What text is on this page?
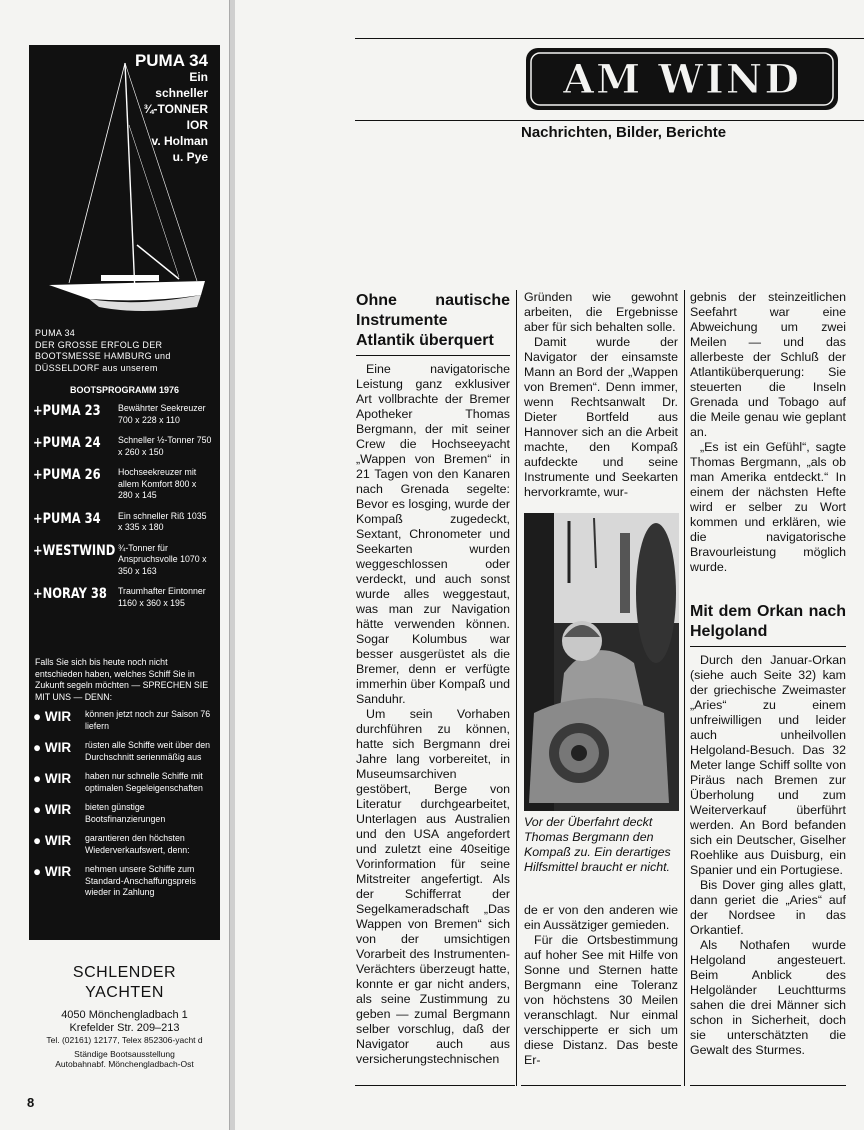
PUMA 34
Ein
schneller
¾-TONNER
IOR
v. Holman
u. Pye
PUMA 34
DER GROSSE ERFOLG DER BOOTSMESSE HAMBURG und DÜSSELDORF aus unserem
BOOTSPROGRAMM 1976
+PUMA 23 Bewährter Seekreuzer 700 x 228 x 110
+PUMA 24 Schneller ½-Tonner 750 x 260 x 150
+PUMA 26 Hochseekreuzer mit allem Komfort 800 x 280 x 145
+PUMA 34 Ein schneller Riß 1035 x 335 x 180
+WESTWIND ¾-Tonner für Anspruchsvolle 1070 x 350 x 163
+NORAY 38 Traumhafter Eintonner 1160 x 360 x 195
Falls Sie sich bis heute noch nicht entschieden haben, welches Schiff Sie in Zukunft segeln möchten — SPRECHEN SIE MIT UNS — DENN:
● WIR	können jetzt noch zur Saison 76 liefern
● WIR	rüsten alle Schiffe weit über den Durchschnitt serienmäßig aus
● WIR	haben nur schnelle Schiffe mit optimalen Segeleigenschaften
● WIR	bieten günstige Bootsfinanzierungen
● WIR	garantieren den höchsten Wiederverkaufswert, denn:
● WIR	nehmen unsere Schiffe zum Standard-Anschaffungspreis wieder in Zahlung
SCHLENDER
YACHTEN
4050 Mönchengladbach 1
Krefelder Str. 209–213
Tel. (02161) 12177, Telex 852306-yacht d
Ständige Bootsausstellung
Autobahnabf. Mönchengladbach-Ost
8
AM WIND
Nachrichten, Bilder, Berichte
Ohne nautische Instrumente Atlantik überquert

Eine navigatorische Leistung ganz exklusiver Art vollbrachte der Bremer Apotheker Thomas Bergmann, der mit seiner Crew die Hochseeyacht „Wappen von Bremen“ in 21 Tagen von den Kanaren nach Grenada segelte: Bevor es losging, wurde der Kompaß zugedeckt, Sextant, Chronometer und Seekarten wurden weggeschlossen oder verdeckt, und auch sonst wurde alles weggestaut, was man zur Navigation hätte verwenden können. Sogar Kolumbus war besser ausgerüstet als die Bremer, denn er verfügte immerhin über Kompaß und Sanduhr.

Um sein Vorhaben durchführen zu können, hatte sich Bergmann drei Jahre lang vorbereitet, in Museumsarchiven gestöbert, Berge von Literatur durchgearbeitet, Unterlagen aus Australien und den USA angefordert und zuletzt eine 40seitige Vorinformation für seine Mitstreiter angefertigt. Als der Schifferrat der Segelkameradschaft „Das Wappen von Bremen“ sich von der umsichtigen Vorarbeit des Instrumenten-Verächters überzeugt hatte, konnte er gar nicht anders, als seine Zustimmung zu geben — zumal Bergmann selber vorschlug, daß der Navigator auch aus versicherungstechnischen

Gründen wie gewohnt arbeiten, die Ergebnisse aber für sich behalten solle.

Damit wurde der Navigator der einsamste Mann an Bord der „Wappen von Bremen“. Denn immer, wenn Rechtsanwalt Dr. Dieter Bortfeld aus Hannover sich an die Arbeit machte, den Kompaß aufdeckte und seine Instrumente und Seekarten hervorkramte, wur-

Vor der Überfahrt deckt Thomas Bergmann den Kompaß zu. Ein derartiges Hilfsmittel braucht er nicht.

de er von den anderen wie ein Aussätziger gemieden.

Für die Ortsbestimmung auf hoher See mit Hilfe von Sonne und Sternen hatte Bergmann eine Toleranz von höchstens 30 Meilen veranschlagt. Nur einmal verschipperte er sich um diese Distanz. Das beste Er-

gebnis der steinzeitlichen Seefahrt war eine Abweichung um zwei Meilen — und das allerbeste der Schluß der Atlantiküberquerung: Sie steuerten die Inseln Grenada und Tobago auf die Meile genau wie geplant an.

„Es ist ein Gefühl“, sagte Thomas Bergmann, „als ob man Amerika entdeckt.“ In einem der nächsten Hefte wird er selber zu Wort kommen und erklären, wie die navigatorische Bravourleistung möglich wurde.

Mit dem Orkan nach Helgoland

Durch den Januar-Orkan (siehe auch Seite 32) kam der griechische Zweimaster „Aries“ zu einem unfreiwilligen und leider auch unheilvollen Helgoland-Besuch. Das 32 Meter lange Schiff sollte von Piräus nach Bremen zur Überholung und zum Weiterverkauf überführt werden. An Bord befanden sich ein Deutscher, Giselher Roehlike aus Duisburg, ein Spanier und ein Portugiese.

Bis Dover ging alles glatt, dann geriet die „Aries“ auf der Nordsee in das Orkantief.

Als Nothafen wurde Helgoland angesteuert. Beim Anblick des Helgoländer Leuchtturms sahen die drei Männer sich schon in Sicherheit, doch sie unterschätzten die Gewalt des Sturmes.
